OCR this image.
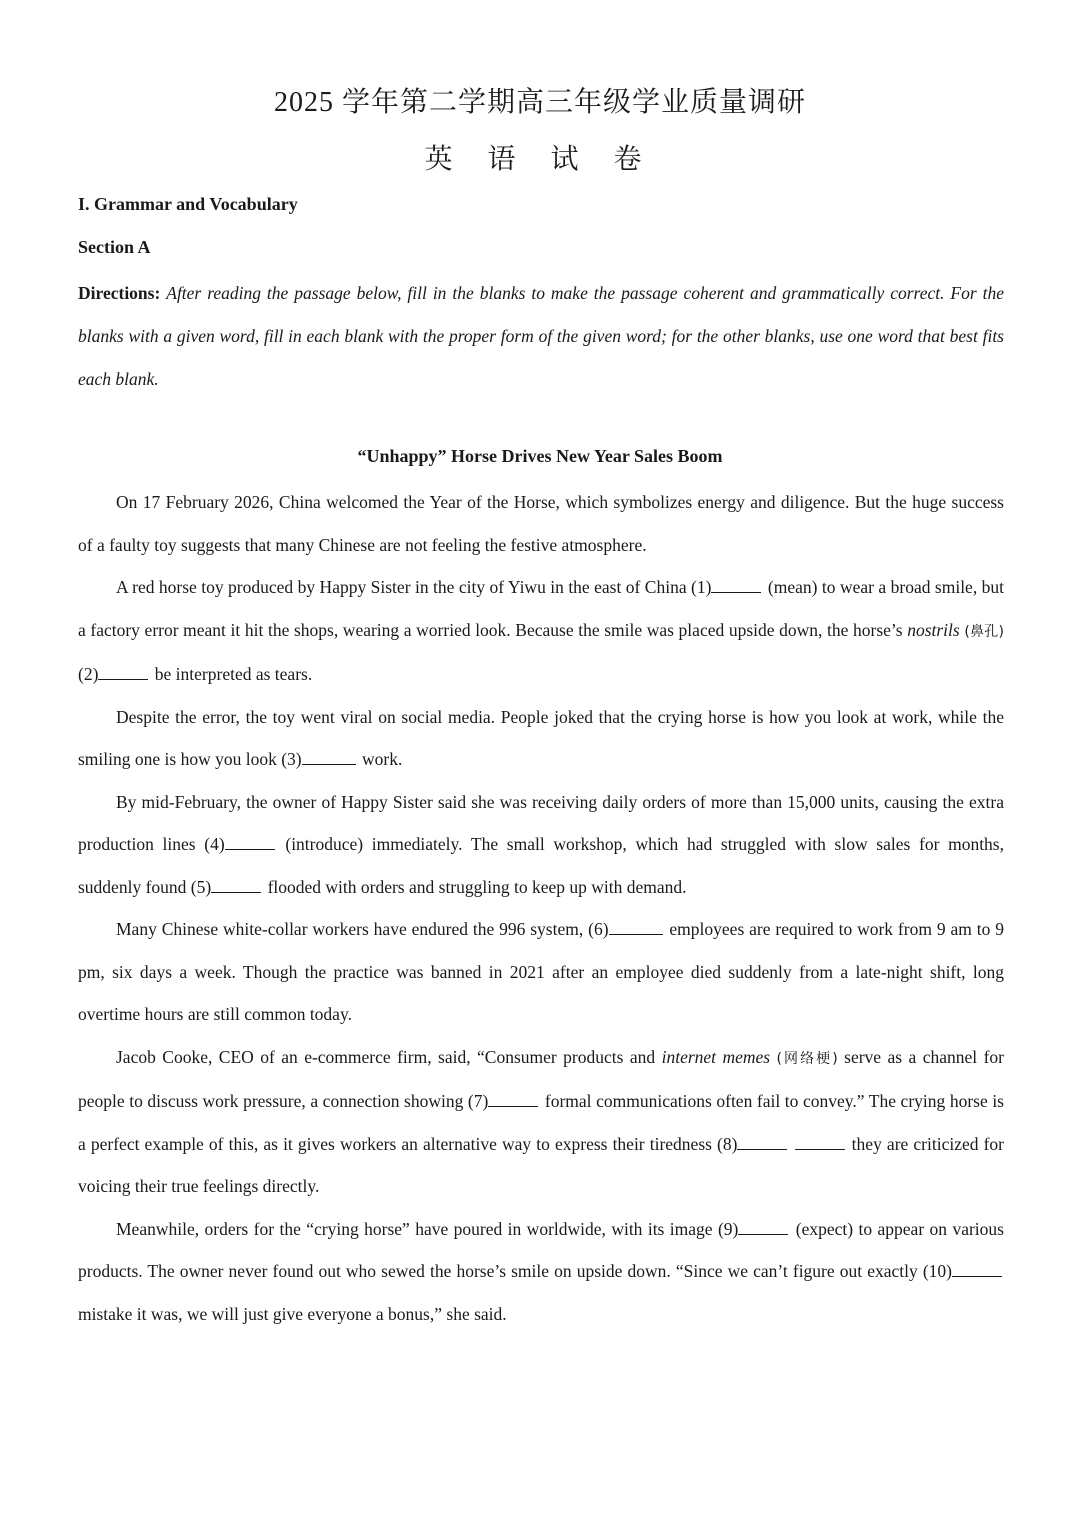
2025 学年第二学期高三年级学业质量调研
英 语 试 卷
I. Grammar and Vocabulary
Section A
Directions: After reading the passage below, fill in the blanks to make the passage coherent and grammatically correct. For the blanks with a given word, fill in each blank with the proper form of the given word; for the other blanks, use one word that best fits each blank.
“Unhappy” Horse Drives New Year Sales Boom

On 17 February 2026, China welcomed the Year of the Horse, which symbolizes energy and diligence. But the huge success of a faulty toy suggests that many Chinese are not feeling the festive atmosphere.

A red horse toy produced by Happy Sister in the city of Yiwu in the east of China (1)	(mean) to wear a broad smile, but a factory error meant it hit the shops, wearing a worried look. Because the smile was placed upside down, the horse’s nostrils (鼻孔) (2)	be interpreted as tears.

Despite the error, the toy went viral on social media. People joked that the crying horse is how you look at work, while the smiling one is how you look (3)	work.

By mid-February, the owner of Happy Sister said she was receiving daily orders of more than 15,000 units, causing the extra production lines (4)	(introduce) immediately. The small workshop, which had struggled with slow sales for months, suddenly found (5)	flooded with orders and struggling to keep up with demand.

Many Chinese white-collar workers have endured the 996 system, (6)	employees are required to work from 9 am to 9 pm, six days a week. Though the practice was banned in 2021 after an employee died suddenly from a late-night shift, long overtime hours are still common today.

Jacob Cooke, CEO of an e-commerce firm, said, “Consumer products and internet memes (网络梗) serve as a channel for people to discuss work pressure, a connection showing (7)	formal communications often fail to convey.” The crying horse is a perfect example of this, as it gives workers an alternative way to express their tiredness (8)	they are criticized for voicing their true feelings directly.

Meanwhile, orders for the “crying horse” have poured in worldwide, with its image (9)	(expect) to appear on various products. The owner never found out who sewed the horse’s smile on upside down. “Since we can’t figure out exactly (10) mistake it was, we will just give everyone a bonus,” she said.
